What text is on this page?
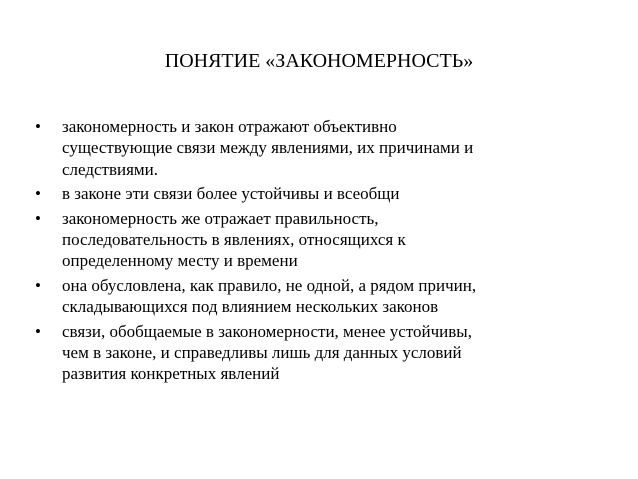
ПОНЯТИЕ «ЗАКОНОМЕРНОСТЬ»
• закономерность и закон отражают объективно
существующие связи между явлениями, их причинами и
следствиями.
• в законе эти связи более устойчивы и всеобщи
• закономерность же отражает правильность,
последовательность в явлениях, относящихся к
определенному месту и времени
• она обусловлена, как правило, не одной, а рядом причин,
складывающихся под влиянием нескольких законов
• связи, обобщаемые в закономерности, менее устойчивы,
чем в законе, и справедливы лишь для данных условий
развития конкретных явлений
